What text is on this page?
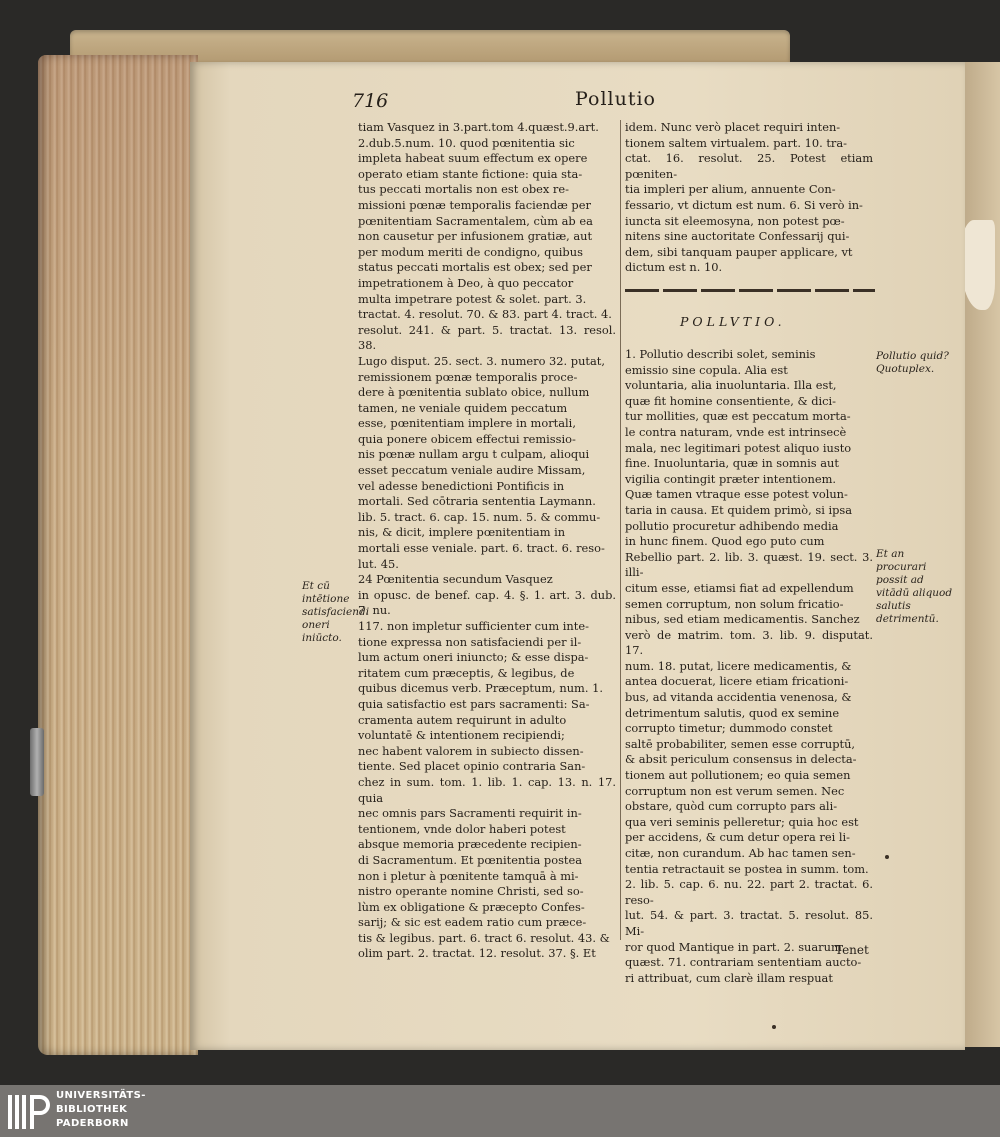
716	Pollutio

tiam Vasquez in 3.part.tom 4.quæst.9.art.

2.dub.5.num. 10. quod pœnitentia sic

impleta habeat suum effectum ex opere

operato etiam stante fictione: quia sta-

tus peccati mortalis non est obex re-

missioni pœnæ temporalis faciendæ per

pœnitentiam Sacramentalem, cùm ab ea

non causetur per infusionem gratiæ, aut

per modum meriti de condigno, quibus

status peccati mortalis est obex; sed per

impetrationem à Deo, à quo peccator

multa impetrare potest & solet. part. 3.

tractat. 4. resolut. 70. & 83. part 4. tract. 4.

resolut. 241. & part. 5. tractat. 13. resol. 38.

Lugo disput. 25. sect. 3. numero 32. putat,

remissionem pœnæ temporalis proce-

dere à pœnitentia sublato obice, nullum

tamen, ne veniale quidem peccatum

esse, pœnitentiam implere in mortali,

quia ponere obicem effectui remissio-

nis pœnæ nullam argu t culpam, alioqui

esset peccatum veniale audire Missam,

vel adesse benedictioni Pontificis in

mortali. Sed cōtraria sententia Laymann.

lib. 5. tract. 6. cap. 15. num. 5. & commu-

nis, & dicit, implere pœnitentiam in

mortali esse veniale. part. 6. tract. 6. reso-

lut. 45.

24 Pœnitentia secundum Vasquez

in opusc. de benef. cap. 4. §. 1. art. 3. dub. 7. nu.

117. non impletur sufficienter cum inte-

tione expressa non satisfaciendi per il-

lum actum oneri iniuncto; & esse dispa-

ritatem cum præceptis, & legibus, de

quibus dicemus verb. Præceptum, num. 1.

quia satisfactio est pars sacramenti: Sa-

cramenta autem requirunt in adulto

voluntatē & intentionem recipiendi;

nec habent valorem in subiecto dissen-

tiente. Sed placet opinio contraria San-

chez in sum. tom. 1. lib. 1. cap. 13. n. 17. quia

nec omnis pars Sacramenti requirit in-

tentionem, vnde dolor haberi potest

absque memoria præcedente recipien-

di Sacramentum. Et pœnitentia postea

non i pletur à pœnitente tamquā à mi-

nistro operante nomine Christi, sed so-

lùm ex obligatione & præcepto Confes-

sarij; & sic est eadem ratio cum præce-

tis & legibus. part. 6. tract 6. resolut. 43. &

olim part. 2. tractat. 12. resolut. 37. §. Et

idem. Nunc verò placet requiri inten-

tionem saltem virtualem. part. 10. tra-

ctat. 16. resolut. 25. Potest etiam pœniten-

tia impleri per alium, annuente Con-

fessario, vt dictum est num. 6. Si verò in-

iuncta sit eleemosyna, non potest pœ-

nitens sine auctoritate Confessarij qui-

dem, sibi tanquam pauper applicare, vt

dictum est n. 10.

POLLVTIO.

1. Pollutio describi solet, seminis

emissio sine copula. Alia est

voluntaria, alia inuoluntaria. Illa est,

quæ fit homine consentiente, & dici-

tur mollities, quæ est peccatum morta-

le contra naturam, vnde est intrinsecè

mala, nec legitimari potest aliquo iusto

fine. Inuoluntaria, quæ in somnis aut

vigilia contingit præter intentionem.

Quæ tamen vtraque esse potest volun-

taria in causa. Et quidem primò, si ipsa

pollutio procuretur adhibendo media

in hunc finem. Quod ego puto cum

Rebellio part. 2. lib. 3. quæst. 19. sect. 3. illi-

citum esse, etiamsi fiat ad expellendum

semen corruptum, non solum fricatio-

nibus, sed etiam medicamentis. Sanchez

verò de matrim. tom. 3. lib. 9. disputat. 17.

num. 18. putat, licere medicamentis, &

antea docuerat, licere etiam fricationi-

bus, ad vitanda accidentia venenosa, &

detrimentum salutis, quod ex semine

corrupto timetur; dummodo constet

saltē probabiliter, semen esse corruptū,

& absit periculum consensus in delecta-

tionem aut pollutionem; eo quia semen

corruptum non est verum semen. Nec

obstare, quòd cum corrupto pars ali-

qua veri seminis pelleretur; quia hoc est

per accidens, & cum detur opera rei li-

citæ, non curandum. Ab hac tamen sen-

tentia retractauit se postea in summ. tom.

2. lib. 5. cap. 6. nu. 22. part 2. tractat. 6. reso-

lut. 54. & part. 3. tractat. 5. resolut. 85. Mi-

ror quod Mantique in part. 2. suarum

quæst. 71. contrariam sententiam aucto-

ri attribuat, cum clarè illam respuat

Pollutio quid? Quotuplex.
Et an procurari possit ad vitādū aliquod salutis detrimentū.
Et cū intētione satisfaciendi oneri iniūcto.
Tenet
UNIVERSITÄTS-
BIBLIOTHEK
PADERBORN
